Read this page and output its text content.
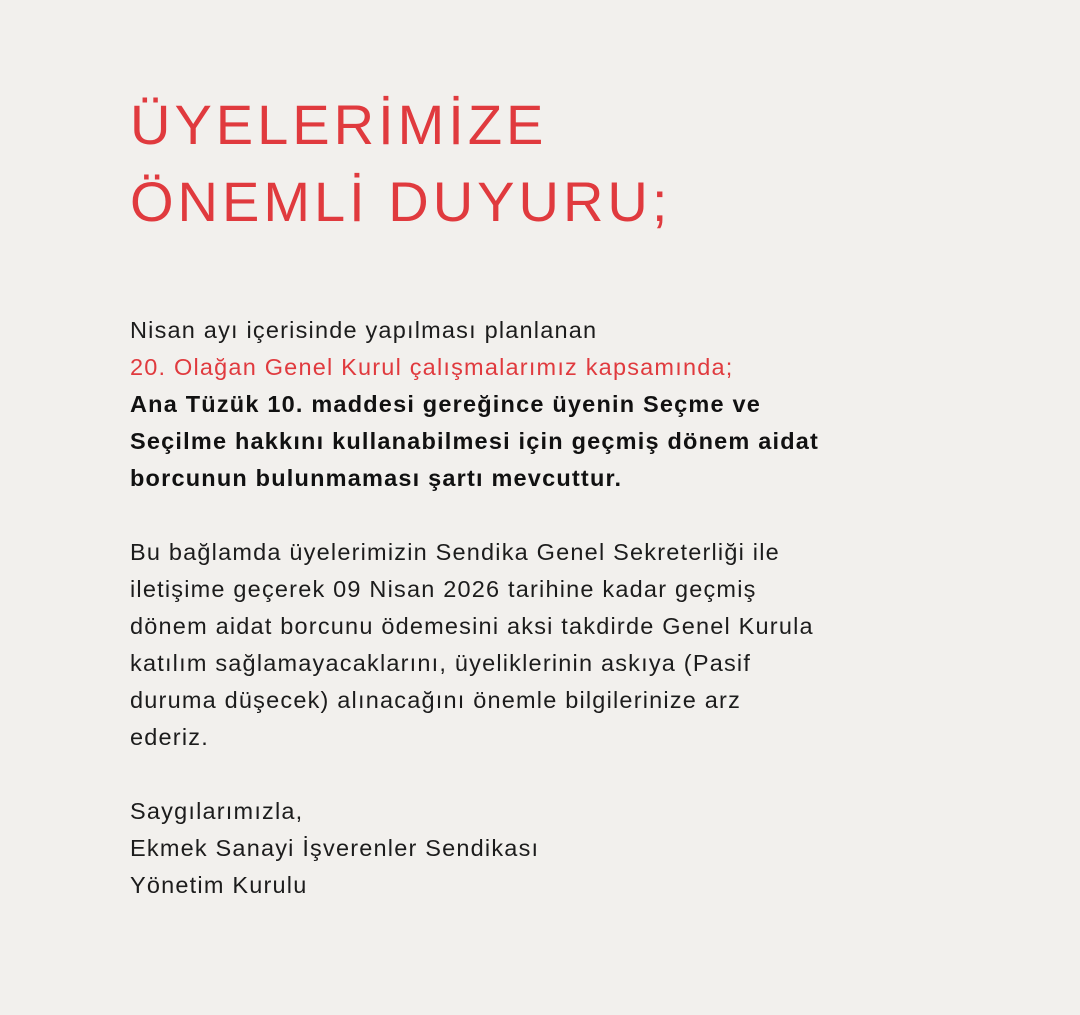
ÜYELERİMİZE
ÖNEMLİ DUYURU;

Nisan ayı içerisinde yapılması planlanan
20. Olağan Genel Kurul çalışmalarımız kapsamında;
Ana Tüzük 10. maddesi gereğince üyenin Seçme ve
Seçilme hakkını kullanabilmesi için geçmiş dönem aidat
borcunun bulunmaması şartı mevcuttur.

Bu bağlamda üyelerimizin Sendika Genel Sekreterliği ile
iletişime geçerek 09 Nisan 2026 tarihine kadar geçmiş
dönem aidat borcunu ödemesini aksi takdirde Genel Kurula
katılım sağlamayacaklarını, üyeliklerinin askıya (Pasif
duruma düşecek) alınacağını önemle bilgilerinize arz
ederiz.

Saygılarımızla,
Ekmek Sanayi İşverenler Sendikası
Yönetim Kurulu
